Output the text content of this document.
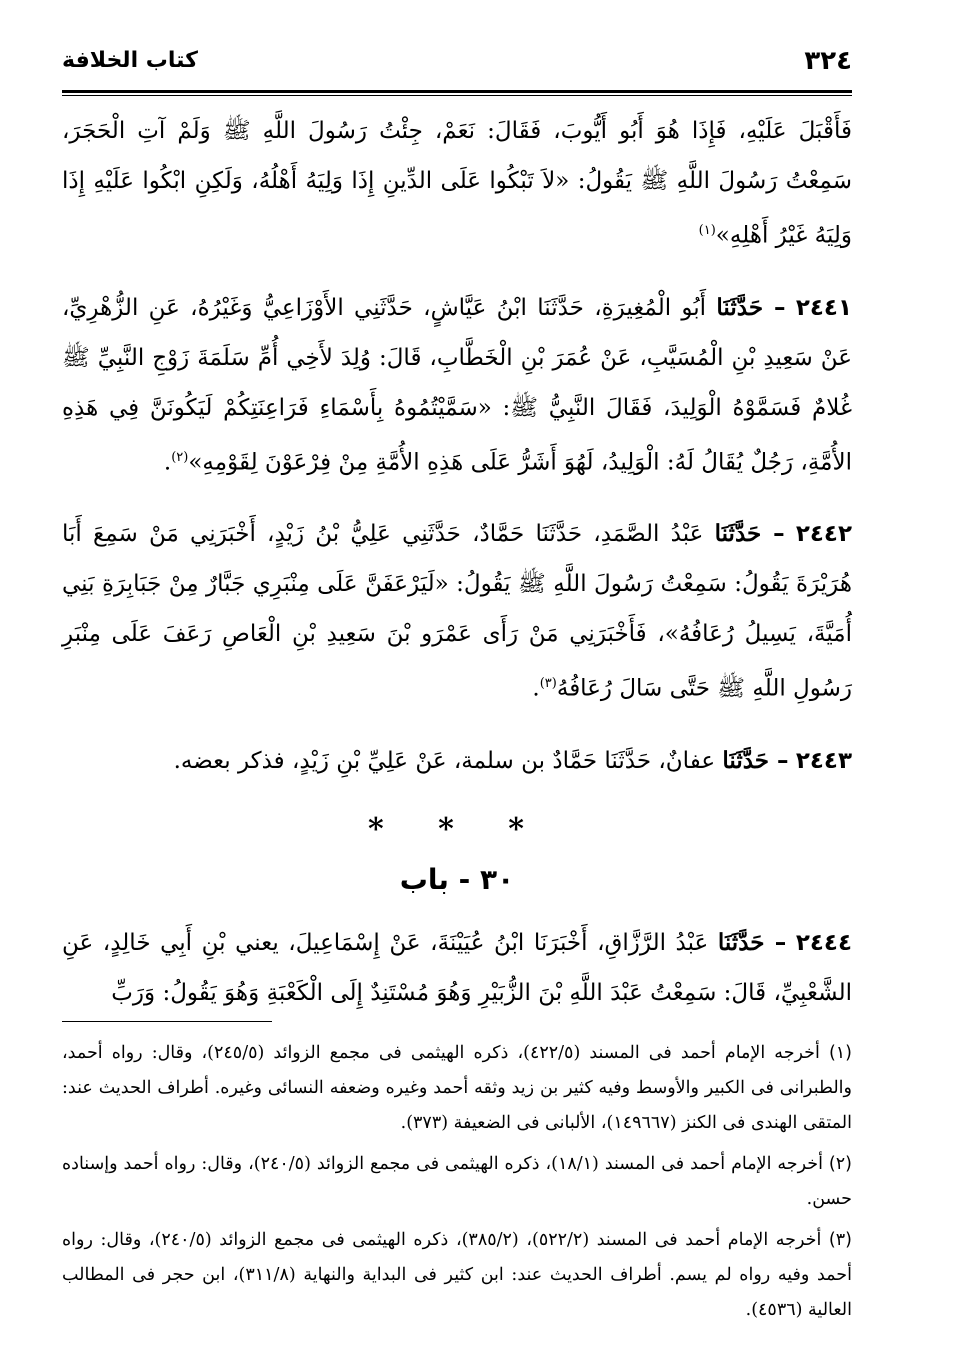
٣٢٤
كتاب الخلافة

فَأَقْبَلَ عَلَيْهِ، فَإِذَا هُوَ أَبُو أَيُّوبَ، فَقَالَ: نَعَمْ، جِئْتُ رَسُولَ اللَّهِ ﷺ وَلَمْ آتِ الْحَجَرَ، سَمِعْتُ رَسُولَ اللَّهِ ﷺ يَقُولُ: «لاَ تَبْكُوا عَلَى الدِّينِ إِذَا وَلِيَهُ أَهْلُهُ، وَلَكِنِ ابْكُوا عَلَيْهِ إِذَا وَلِيَهُ غَيْرُ أَهْلِهِ»$^{(١)}$

٢٤٤١ – حَدَّثَنَا أَبُو الْمُغِيرَةِ، حَدَّثَنَا ابْنُ عَيَّاشٍ، حَدَّثَنِي الأَوْزَاعِيُّ وَغَيْرُهُ، عَنِ الزُّهْرِيِّ، عَنْ سَعِيدِ بْنِ الْمُسَيَّبِ، عَنْ عُمَرَ بْنِ الْخَطَّابِ، قَالَ: وُلِدَ لأَخِي أُمِّ سَلَمَةَ زَوْجِ النَّبِيِّ ﷺ غُلامٌ فَسَمَّوْهُ الْوَلِيدَ، فَقَالَ النَّبِيُّ ﷺ: «سَمَّيْتُمُوهُ بِأَسْمَاءِ فَرَاعِنَتِكُمْ لَيَكُونَنَّ فِي هَذِهِ الأُمَّةِ، رَجُلٌ يُقَالُ لَهُ: الْوَلِيدُ، لَهُوَ أَشَرُّ عَلَى هَذِهِ الأُمَّةِ مِنْ فِرْعَوْنَ لِقَوْمِهِ»$^{(٢)}$.

٢٤٤٢ – حَدَّثَنَا عَبْدُ الصَّمَدِ، حَدَّثَنَا حَمَّادٌ، حَدَّثَنِي عَلِيُّ بْنُ زَيْدٍ، أَخْبَرَنِي مَنْ سَمِعَ أَبَا هُرَيْرَةَ يَقُولُ: سَمِعْتُ رَسُولَ اللَّهِ ﷺ يَقُولُ: «لَيَرْعَفَنَّ عَلَى مِنْبَرِي جَبَّارٌ مِنْ جَبَابِرَةِ بَنِي أُمَيَّةَ، يَسِيلُ رُعَافُهُ»، فَأَخْبَرَنِي مَنْ رَأَى عَمْرَو بْنَ سَعِيدِ بْنِ الْعَاصِ رَعَفَ عَلَى مِنْبَرِ رَسُولِ اللَّهِ ﷺ حَتَّى سَالَ رُعَافُهُ$^{(٣)}$.

٢٤٤٣ – حَدَّثَنَا عفانٌ، حَدَّثَنَا حَمَّادٌ بن سلمة، عَنْ عَلِيِّ بْنِ زَيْدٍ، فذكر بعضه.

* * *
٣٠ - باب

٢٤٤٤ – حَدَّثَنَا عَبْدُ الرَّزَّاقِ، أَخْبَرَنَا ابْنُ عُيَيْنَةَ، عَنْ إِسْمَاعِيلَ، يعني بْنِ أَبِي خَالِدٍ، عَنِ الشَّعْبِيِّ، قَالَ: سَمِعْتُ عَبْدَ اللَّهِ بْنَ الزُّبَيْرِ وَهُوَ مُسْتَنِدٌ إِلَى الْكَعْبَةِ وَهُوَ يَقُولُ: وَرَبِّ

(١) أخرجه الإمام أحمد فى المسند (٤٢٢/٥)، ذكره الهيثمى فى مجمع الزوائد (٢٤٥/٥)، وقال: رواه أحمد، والطبرانى فى الكبير والأوسط وفيه كثير بن زيد وثقه أحمد وغيره وضعفه النسائى وغيره. أطراف الحديث عند: المتقى الهندى فى الكنز (١٤٩٦٦٧)، الألبانى فى الضعيفة (٣٧٣).

(٢) أخرجه الإمام أحمد فى المسند (١٨/١)، ذكره الهيثمى فى مجمع الزوائد (٢٤٠/٥)، وقال: رواه أحمد وإسناده حسن.

(٣) أخرجه الإمام أحمد فى المسند (٥٢٢/٢)، (٣٨٥/٢)، ذكره الهيثمى فى مجمع الزوائد (٢٤٠/٥)، وقال: رواه أحمد وفيه رواه لم يسم. أطراف الحديث عند: ابن كثير فى البداية والنهاية (٣١١/٨)، ابن حجر فى المطالب العالية (٤٥٣٦).
